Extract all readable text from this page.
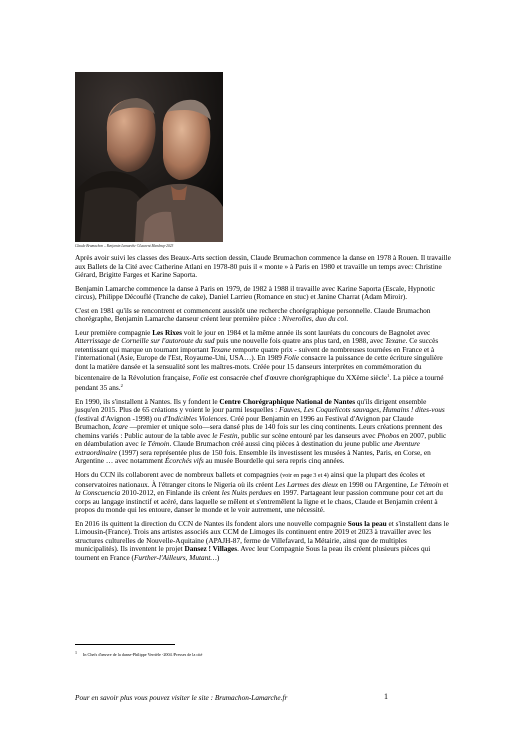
Claude Brumachon – Benjamin Lamarche ©Laurent Mandrup-2023

Après avoir suivi les classes des Beaux-Arts section dessin, Claude Brumachon commence la danse en 1978 à Rouen. Il travaille aux Ballets de la Cité avec Catherine Atlani en 1978-80 puis il « monte » à Paris en 1980 et travaille un temps avec: Christine Gérard, Brigitte Farges et Karine Saporta.

Benjamin Lamarche commence la danse à Paris en 1979, de 1982 à 1988 il travaille avec Karine Saporta (Escale, Hypnotic circus), Philippe Découflé (Tranche de cake), Daniel Larrieu (Romance en stuc) et Janine Charrat (Adam Miroir).

C'est en 1981 qu'ils se rencontrent et commencent aussitôt une recherche chorégraphique personnelle. Claude Brumachon chorégraphe, Benjamin Lamarche danseur créent leur première pièce : Niverolles, duo du col.

Leur première compagnie Les Rixes voit le jour en 1984 et la même année ils sont lauréats du concours de Bagnolet avec Atterrissage de Corneille sur l'autoroute du sud puis une nouvelle fois quatre ans plus tard, en 1988, avec Texane. Ce succès retentissant qui marque un tournant important Texane remporte quatre prix - suivent de nombreuses tournées en France et à l'international (Asie, Europe de l'Est, Royaume-Uni, USA…). En 1989 Folie consacre la puissance de cette écriture singulière dont la matière dansée et la sensualité sont les maîtres-mots. Créée pour 15 danseurs interprètes en commémoration du bicentenaire de la Révolution française, Folie est consacrée chef d'œuvre chorégraphique du XXème siècle$^1$. La pièce a tourné pendant 35 ans.$^2$

En 1990, ils s'installent à Nantes. Ils y fondent le Centre Chorégraphique National de Nantes qu'ils dirigent ensemble jusqu'en 2015. Plus de 65 créations y voient le jour parmi lesquelles : Fauves, Les Coquelicots sauvages, Humains ! dites-vous (festival d'Avignon -1998) ou d'Indicibles Violences. Créé pour Benjamin en 1996 au Festival d'Avignon par Claude Brumachon, Icare —premier et unique solo—sera dansé plus de 140 fois sur les cinq continents. Leurs créations prennent des chemins variés : Public autour de la table avec le Festin, public sur scène entouré par les danseurs avec Phobos en 2007, public en déambulation avec le Témoin. Claude Brumachon créé aussi cinq pièces à destination du jeune public une Aventure extraordinaire (1997) sera représentée plus de 150 fois. Ensemble ils investissent les musées à Nantes, Paris, en Corse, en Argentine … avec notamment Écorchés vifs au musée Bourdelle qui sera repris cinq années.

Hors du CCN ils collaborent avec de nombreux ballets et compagnies (voir en page 3 et 4) ainsi que la plupart des écoles et conservatoires nationaux. À l'étranger citons le Nigeria où ils créent Les Larmes des dieux en 1998 ou l'Argentine, Le Témoin et la Conscuencia 2010-2012, en Finlande ils créent les Nuits perdues en 1997. Partageant leur passion commune pour cet art du corps au langage instinctif et acéré, dans laquelle se mêlent et s'entremêlent la ligne et le chaos, Claude et Benjamin créent à propos du monde qui les entoure, danser le monde et le voir autrement, une nécessité.

En 2016 ils quittent la direction du CCN de Nantes ils fondent alors une nouvelle compagnie Sous la peau et s'installent dans le Limousin-(France). Trois ans artistes associés aux CCM de Limoges ils continuent entre 2019 et 2023 à travailler avec les structures culturelles de Nouvelle-Aquitaine (APAJH-87, ferme de Villefavard, la Métairie, ainsi que de multiples municipalités). Ils inventent le projet Dansez ! Villages. Avec leur Compagnie Sous la peau ils créent plusieurs pièces qui tournent en France (Further-l'Ailleurs, Mutant…)

1 In Chefs d'œuvre de la danse-Philippe Verrièle -2004 /Presses de la cité
Pour en savoir plus vous pouvez visiter le site : Brumachon-Lamarche.fr	1
